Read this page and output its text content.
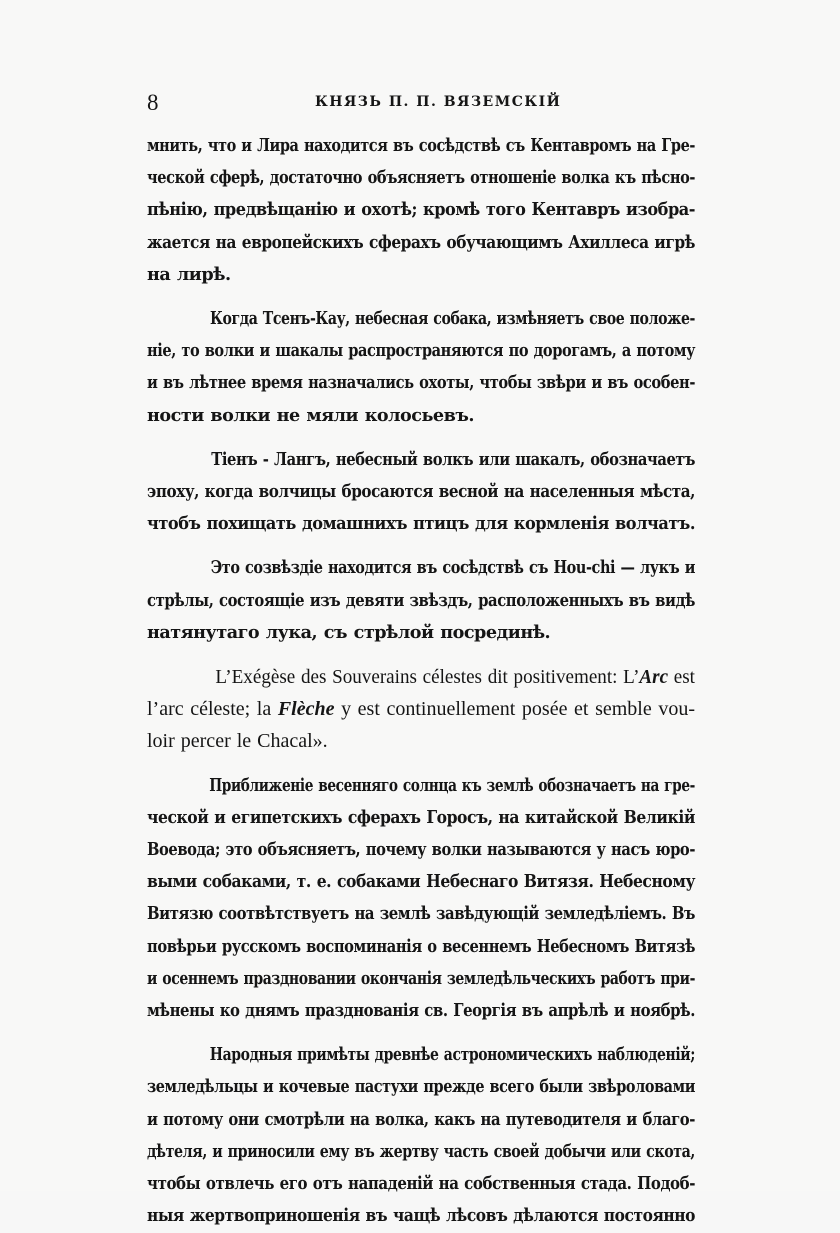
8	КНЯЗЬ П. П. ВЯЗЕМСКІЙ
мнить, что и Лира находится въ сосѣдствѣ съ Кентавромъ на Гре-
ческой сферѣ, достаточно объясняетъ отношеніе волка къ пѣсно-
пѣнію, предвѣщанію и охотѣ; кромѣ того Кентавръ изобра-
жается на европейскихъ сферахъ обучающимъ Ахиллеса игрѣ
на лирѣ.
Когда Тсенъ-Кау, небесная собака, измѣняетъ свое положе-
ніе, то волки и шакалы распространяются по дорогамъ, а потому
и въ лѣтнее время назначались охоты, чтобы звѣри и въ особен-
ности волки не мяли колосьевъ.
Тіенъ - Лангъ, небесный волкъ или шакалъ, обозначаетъ
эпоху, когда волчицы бросаются весной на населенныя мѣста,
чтобъ похищать домашнихъ птицъ для кормленія волчатъ.
Это созвѣздіе находится въ сосѣдствѣ съ Hou-chi — лукъ и
стрѣлы, состоящіе изъ девяти звѣздъ, расположенныхъ въ видѣ
натянутаго лука, съ стрѣлой посрединѣ.
L’Exégèse des Souverains célestes dit positivement: L’Arc est
l’arc céleste; la Flèche y est continuellement posée et semble vou-
loir percer le Chacal».
Приближеніе весенняго солнца къ землѣ обозначаетъ на гре-
ческой и египетскихъ сферахъ Горосъ, на китайской Великій
Воевода; это объясняетъ, почему волки называются у насъ юро-
выми собаками, т. е. собаками Небеснаго Витязя. Небесному
Витязю соотвѣтствуетъ на землѣ завѣдующій земледѣліемъ. Въ
повѣрьи русскомъ воспоминанія о весеннемъ Небесномъ Витязѣ
и осеннемъ праздновании окончанія земледѣльческихъ работъ при-
мѣнены ко днямъ празднованія св. Георгія въ апрѣлѣ и ноябрѣ.
Народныя примѣты древнѣе астрономическихъ наблюденій;
земледѣльцы и кочевые пастухи прежде всего были звѣроловами
и потому они смотрѣли на волка, какъ на путеводителя и благо-
дѣтеля, и приносили ему въ жертву часть своей добычи или скота,
чтобы отвлечь его отъ нападеній на собственныя стада. Подоб-
ныя жертвоприношенія въ чащѣ лѣсовъ дѣлаются постоянно
